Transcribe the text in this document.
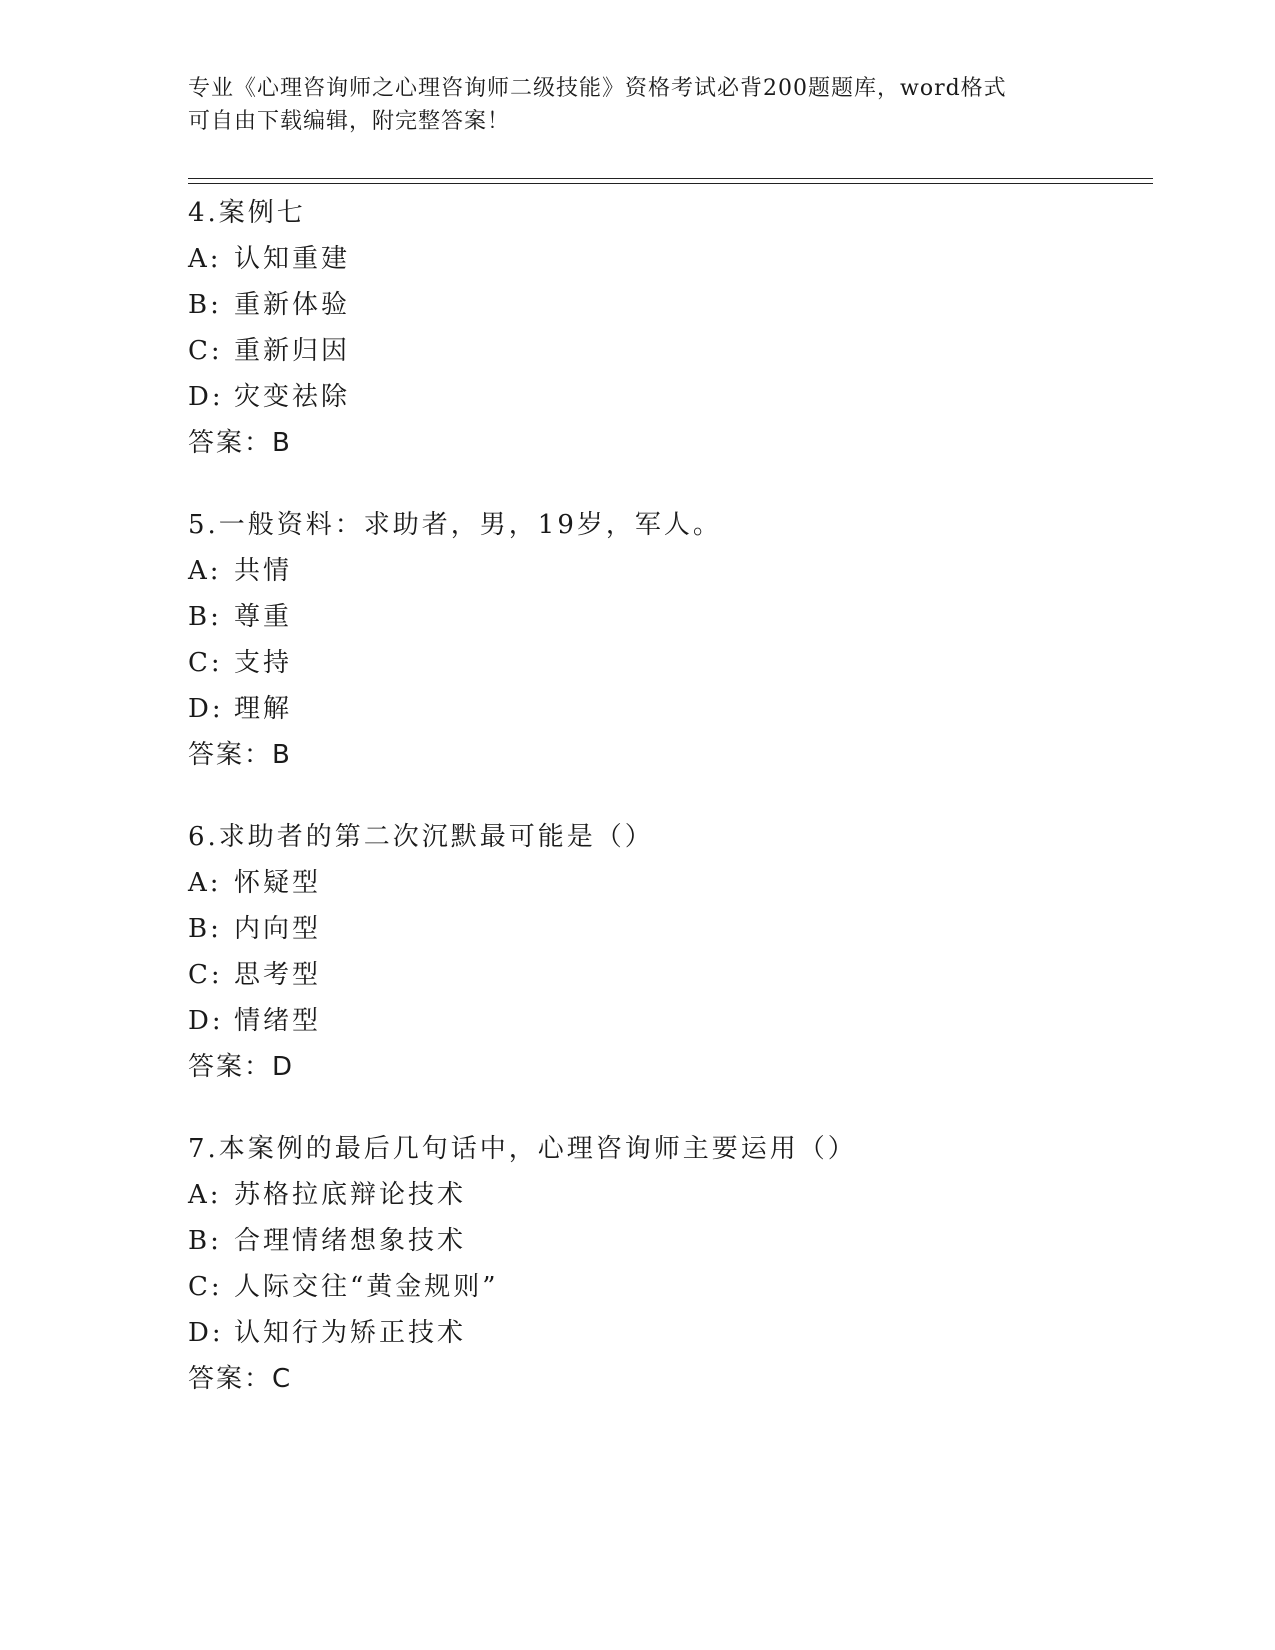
专业《心理咨询师之心理咨询师二级技能》资格考试必背200题题库，word格式
可自由下载编辑，附完整答案！
4.案例七
A: 认知重建
B: 重新体验
C: 重新归因
D: 灾变祛除
答案：B
5.一般资料：求助者，男，19岁，军人。
A: 共情
B: 尊重
C: 支持
D: 理解
答案：B
6.求助者的第二次沉默最可能是（）
A: 怀疑型
B: 内向型
C: 思考型
D: 情绪型
答案：D
7.本案例的最后几句话中，心理咨询师主要运用（）
A: 苏格拉底辩论技术
B: 合理情绪想象技术
C: 人际交往“黄金规则”
D: 认知行为矫正技术
答案：C
